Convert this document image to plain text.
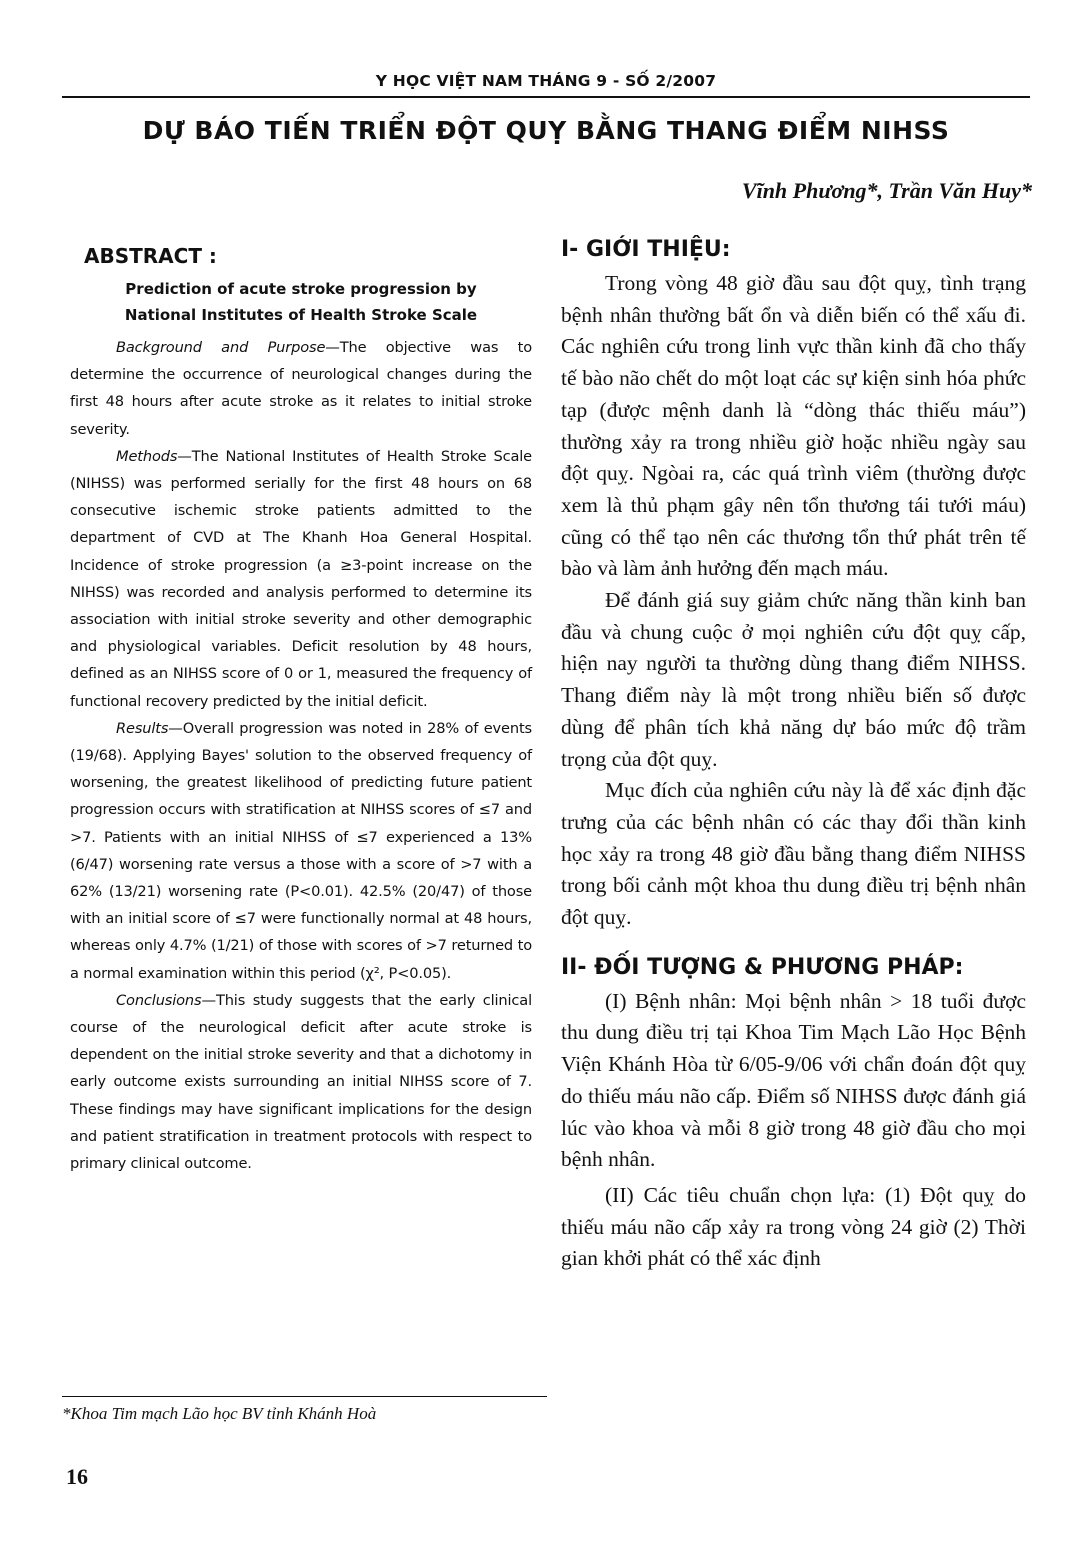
Y HỌC VIỆT NAM THÁNG 9 - SỐ 2/2007
DỰ BÁO TIẾN TRIỂN ĐỘT QUỴ BẰNG THANG ĐIỂM NIHSS
Vĩnh Phương*, Trần Văn Huy*
ABSTRACT :
Prediction of acute stroke progression by
National Institutes of Health Stroke Scale

Background and Purpose—The objective was to determine the occurrence of neurological changes during the first 48 hours after acute stroke as it relates to initial stroke severity.

Methods—The National Institutes of Health Stroke Scale (NIHSS) was performed serially for the first 48 hours on 68 consecutive ischemic stroke patients admitted to the department of CVD at The Khanh Hoa General Hospital. Incidence of stroke progression (a ≥3-point increase on the NIHSS) was recorded and analysis performed to determine its association with initial stroke severity and other demographic and physiological variables. Deficit resolution by 48 hours, defined as an NIHSS score of 0 or 1, measured the frequency of functional recovery predicted by the initial deficit.

Results—Overall progression was noted in 28% of events (19/68). Applying Bayes' solution to the observed frequency of worsening, the greatest likelihood of predicting future patient progression occurs with stratification at NIHSS scores of ≤7 and >7. Patients with an initial NIHSS of ≤7 experienced a 13% (6/47) worsening rate versus a those with a score of >7 with a 62% (13/21) worsening rate (P<0.01). 42.5% (20/47) of those with an initial score of ≤7 were functionally normal at 48 hours, whereas only 4.7% (1/21) of those with scores of >7 returned to a normal examination within this period (χ², P<0.05).

Conclusions—This study suggests that the early clinical course of the neurological deficit after acute stroke is dependent on the initial stroke severity and that a dichotomy in early outcome exists surrounding an initial NIHSS score of 7. These findings may have significant implications for the design and patient stratification in treatment protocols with respect to primary clinical outcome.

*Khoa Tim mạch Lão học BV tỉnh Khánh Hoà
16
I- GIỚI THIỆU:

Trong vòng 48 giờ đầu sau đột quỵ, tình trạng bệnh nhân thường bất ổn và diễn biến có thể xấu đi. Các nghiên cứu trong linh vực thần kinh đã cho thấy tế bào não chết do một loạt các sự kiện sinh hóa phức tạp (được mệnh danh là “dòng thác thiếu máu”) thường xảy ra trong nhiều giờ hoặc nhiều ngày sau đột quỵ. Ngòai ra, các quá trình viêm (thường được xem là thủ phạm gây nên tổn thương tái tưới máu) cũng có thể tạo nên các thương tổn thứ phát trên tế bào và làm ảnh hưởng đến mạch máu.

Để đánh giá suy giảm chức năng thần kinh ban đầu và chung cuộc ở mọi nghiên cứu đột quỵ cấp, hiện nay người ta thường dùng thang điểm NIHSS. Thang điểm này là một trong nhiều biến số được dùng để phân tích khả năng dự báo mức độ trầm trọng của đột quỵ.

Mục đích của nghiên cứu này là để xác định đặc trưng của các bệnh nhân có các thay đổi thần kinh học xảy ra trong 48 giờ đầu bằng thang điểm NIHSS trong bối cảnh một khoa thu dung điều trị bệnh nhân đột quỵ.

II- ĐỐI TƯỢNG & PHƯƠNG PHÁP:

(I) Bệnh nhân: Mọi bệnh nhân > 18 tuổi được thu dung điều trị tại Khoa Tim Mạch Lão Học Bệnh Viện Khánh Hòa từ 6/05-9/06 với chẩn đoán đột quỵ do thiếu máu não cấp. Điểm số NIHSS được đánh giá lúc vào khoa và mỗi 8 giờ trong 48 giờ đầu cho mọi bệnh nhân.

(II) Các tiêu chuẩn chọn lựa: (1) Đột quỵ do thiếu máu não cấp xảy ra trong vòng 24 giờ (2) Thời gian khởi phát có thể xác định
